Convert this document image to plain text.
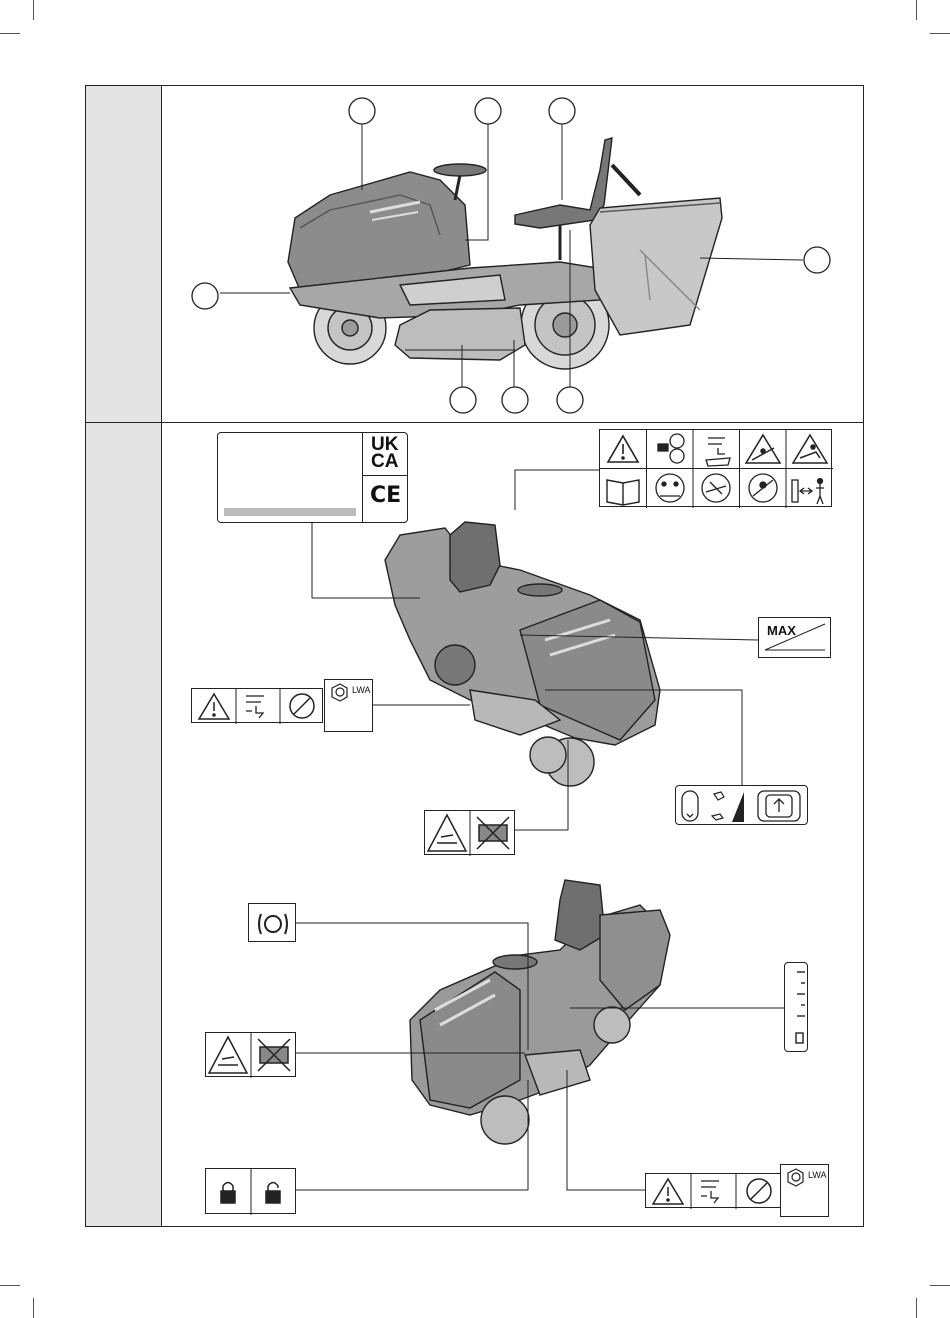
UK
CA
CE
MAX
LWA
LWA
